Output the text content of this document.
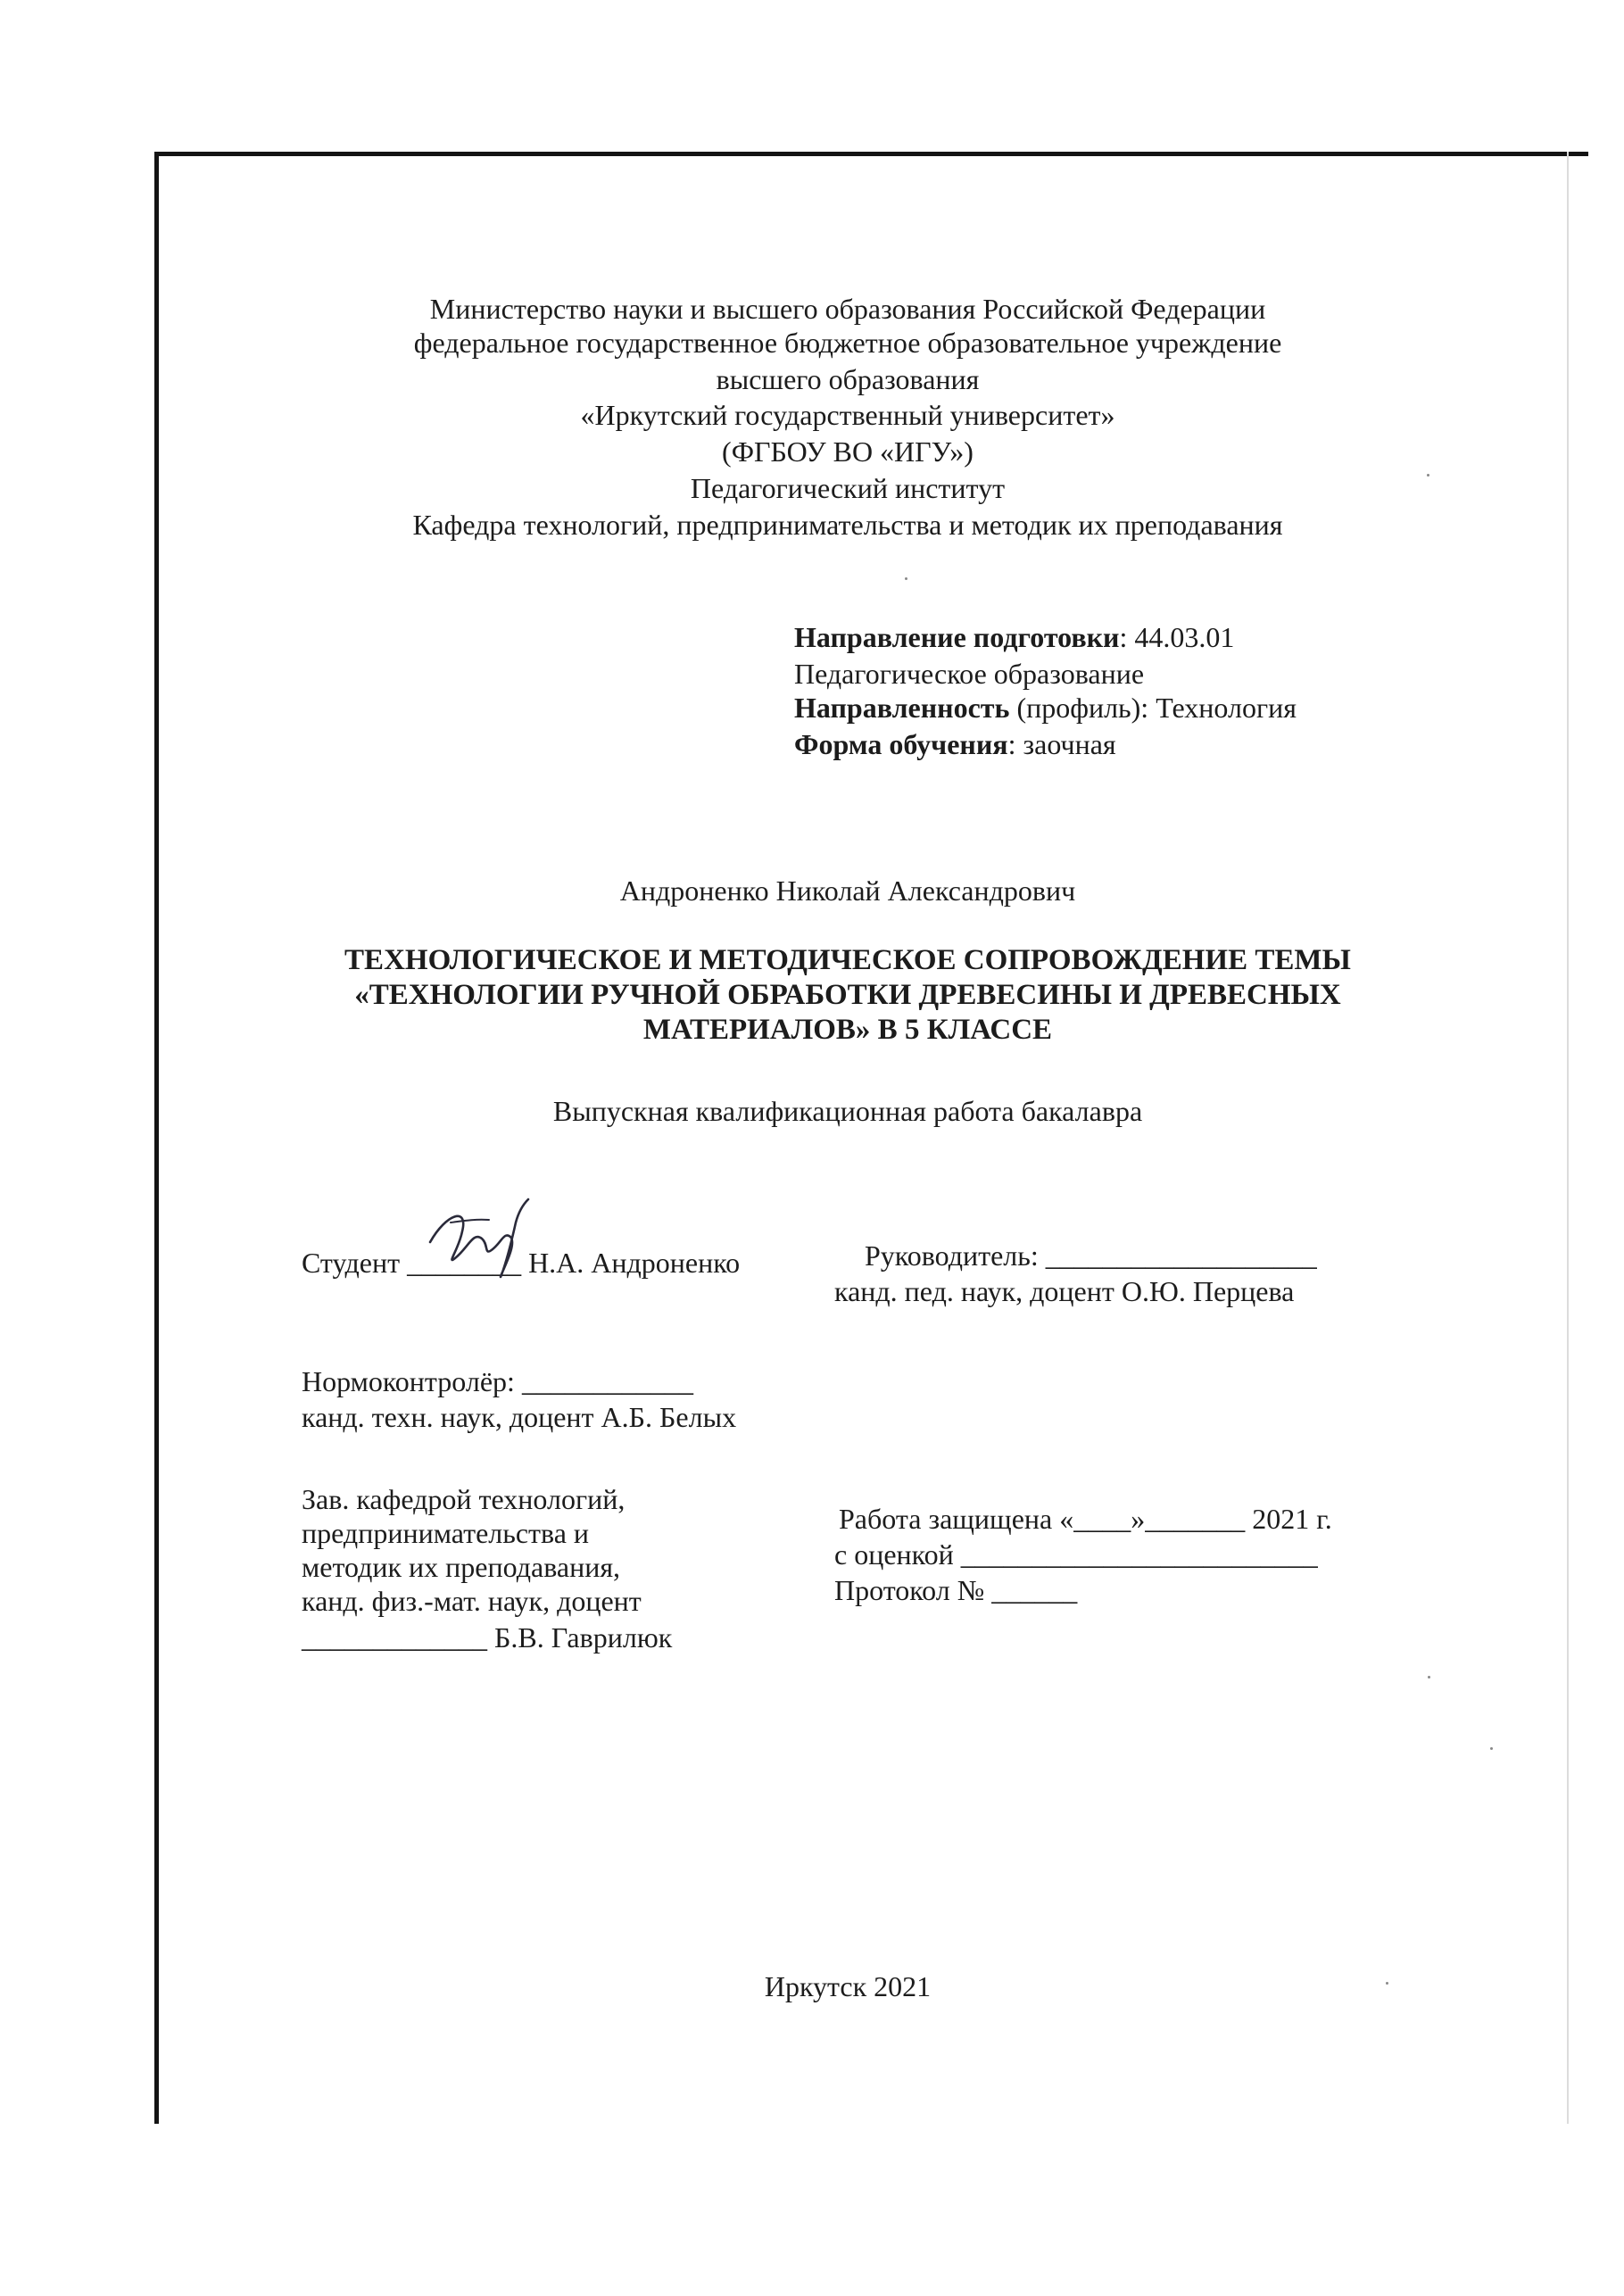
Министерство науки и высшего образования Российской Федерации
федеральное государственное бюджетное образовательное учреждение
высшего образования
«Иркутский государственный университет»
(ФГБОУ ВО «ИГУ»)
Педагогический институт
Кафедра технологий, предпринимательства и методик их преподавания
Направление подготовки: 44.03.01
Педагогическое образование
Направленность (профиль): Технология
Форма обучения: заочная
Андроненко Николай Александрович
ТЕХНОЛОГИЧЕСКОЕ И МЕТОДИЧЕСКОЕ СОПРОВОЖДЕНИЕ ТЕМЫ
«ТЕХНОЛОГИИ РУЧНОЙ ОБРАБОТКИ ДРЕВЕСИНЫ И ДРЕВЕСНЫХ
МАТЕРИАЛОВ» В 5 КЛАССЕ
Выпускная квалификационная работа бакалавра
Студент ________ Н.А. Андроненко	Руководитель: ___________________
канд. пед. наук, доцент О.Ю. Перцева
Нормоконтролёр: ____________
канд. техн. наук, доцент А.Б. Белых
Зав. кафедрой технологий,
предпринимательства и
методик их преподавания,
канд. физ.-мат. наук, доцент
_____________ Б.В. Гаврилюк
Работа защищена «____»_______ 2021 г.
с оценкой _________________________
Протокол № ______
Иркутск 2021
